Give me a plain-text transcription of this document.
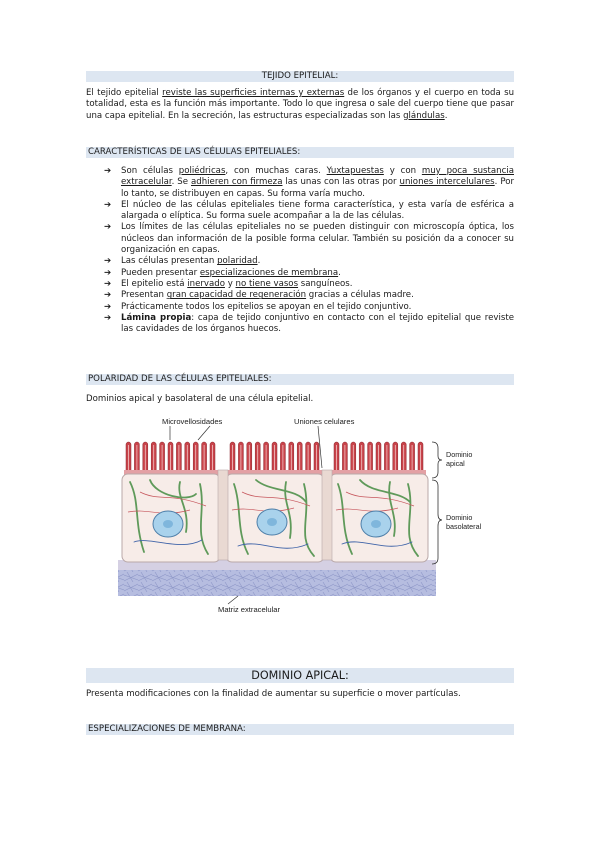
TEJIDO EPITELIAL:

El tejido epitelial reviste las superficies internas y externas de los órganos y el cuerpo en toda su totalidad, esta es la función más importante. Todo lo que ingresa o sale del cuerpo tiene que pasar una capa epitelial. En la secreción, las estructuras especializadas son las glándulas.

CARACTERÍSTICAS DE LAS CÉLULAS EPITELIALES:
➔ Son células poliédricas, con muchas caras. Yuxtapuestas y con muy poca sustancia extracelular. Se adhieren con firmeza las unas con las otras por uniones intercelulares. Por lo tanto, se distribuyen en capas. Su forma varía mucho.
➔ El núcleo de las células epiteliales tiene forma característica, y esta varía de esférica a alargada o elíptica. Su forma suele acompañar a la de las células.
➔ Los límites de las células epiteliales no se pueden distinguir con microscopía óptica, los núcleos dan información de la posible forma celular. También su posición da a conocer su organización en capas.
➔ Las células presentan polaridad.
➔ Pueden presentar especializaciones de membrana.
➔ El epitelio está inervado y no tiene vasos sanguíneos.
➔ Presentan gran capacidad de regeneración gracias a células madre.
➔ Prácticamente todos los epitelios se apoyan en el tejido conjuntivo.
➔ Lámina propia: capa de tejido conjuntivo en contacto con el tejido epitelial que reviste las cavidades de los órganos huecos.
POLARIDAD DE LAS CÉLULAS EPITELIALES:

Dominios apical y basolateral de una célula epitelial.

Microvellosidades	Uniones celulares
Dominio
apical
Dominio
basolateral
Matriz extracelular
DOMINIO APICAL:

Presenta modificaciones con la finalidad de aumentar su superficie o mover partículas.

ESPECIALIZACIONES DE MEMBRANA:
